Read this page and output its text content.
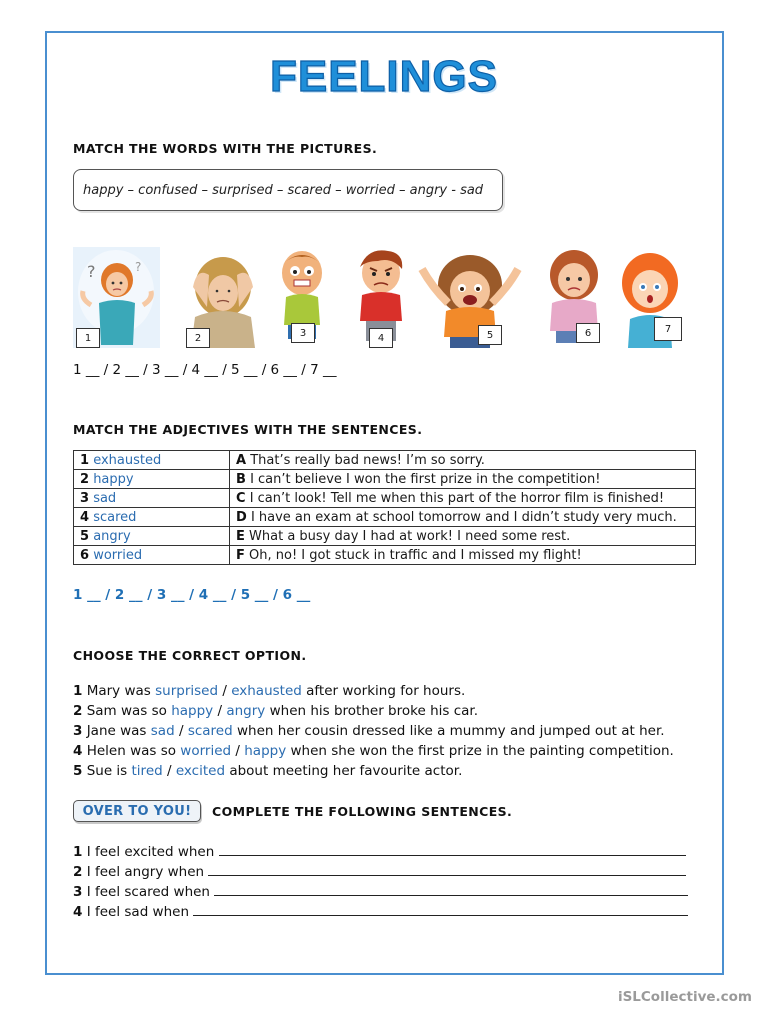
FEELINGS
MATCH THE WORDS WITH THE PICTURES.
happy – confused – surprised – scared – worried – angry - sad
?	?
1	2	3	4	5	6	7
1 __ / 2 __ / 3 __ / 4 __ / 5 __ / 6 __ / 7 __
MATCH THE ADJECTIVES WITH THE SENTENCES.
1 exhausted	A That’s really bad news! I’m so sorry.
2 happy	B I can’t believe I won the first prize in the competition!
3 sad	C I can’t look! Tell me when this part of the horror film is finished!
4 scared	D I have an exam at school tomorrow and I didn’t study very much.
5 angry	E What a busy day I had at work! I need some rest.
6 worried	F Oh, no! I got stuck in traffic and I missed my flight!
1 __ / 2 __ / 3 __ / 4 __ / 5 __ / 6 __
CHOOSE THE CORRECT OPTION.
1 Mary was surprised / exhausted after working for hours.
2 Sam was so happy / angry when his brother broke his car.
3 Jane was sad / scared when her cousin dressed like a mummy and jumped out at her.
4 Helen was so worried / happy when she won the first prize in the painting competition.
5 Sue is tired / excited about meeting her favourite actor.
OVER TO YOU!	COMPLETE THE FOLLOWING SENTENCES.
1
I feel excited when

2
I feel angry when

3
I feel scared when

4
I feel sad when

iSLCollective.com
